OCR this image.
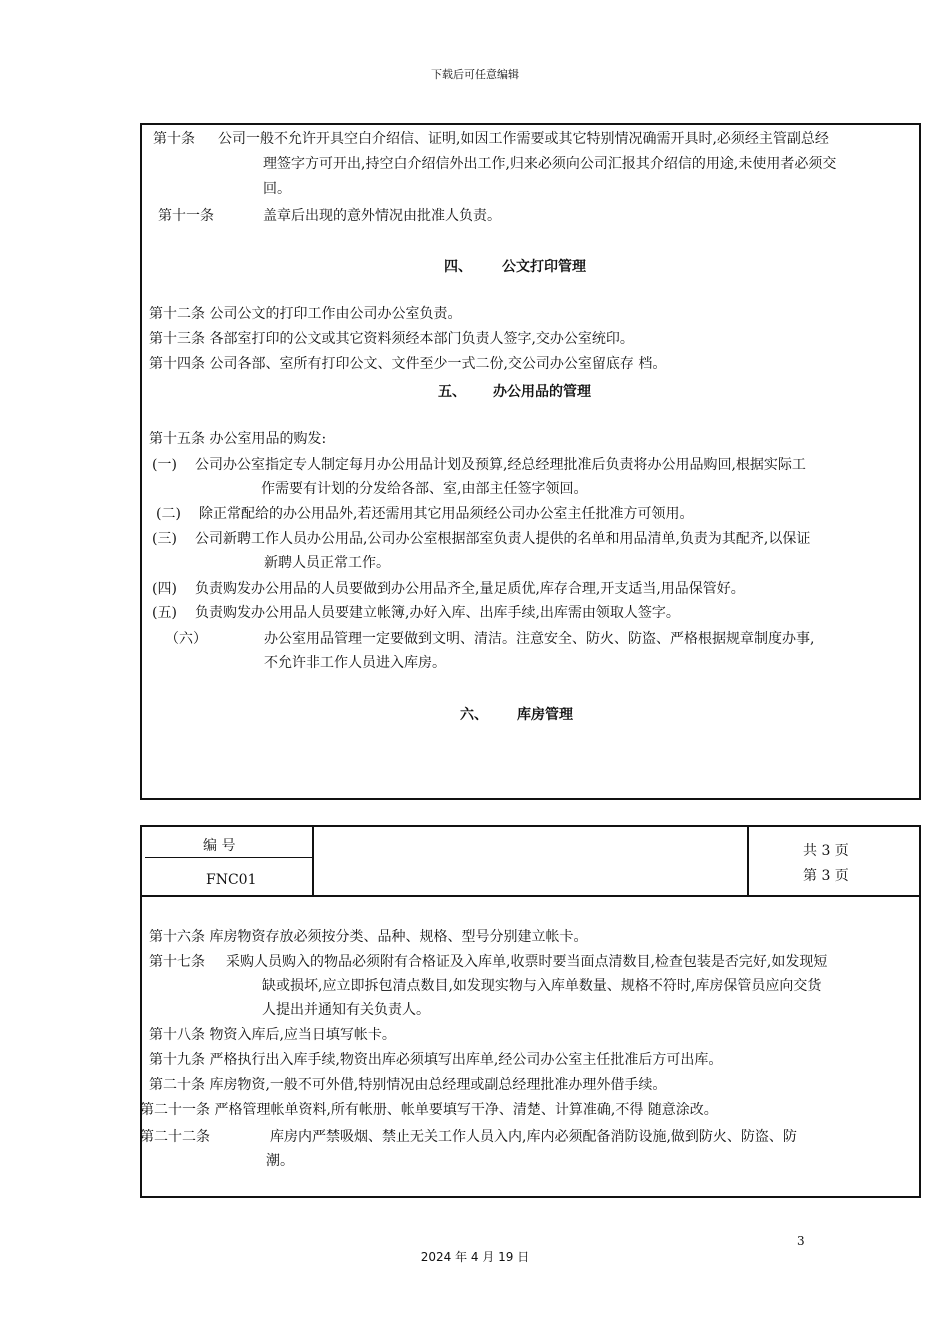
下载后可任意编辑
第十条 公司一般不允许开具空白介绍信、证明,如因工作需要或其它特别情况确需开具时,必须经主管副总经
理签字方可开出,持空白介绍信外出工作,归来必须向公司汇报其介绍信的用途,未使用者必须交
回。
第十一条	盖章后出现的意外情况由批准人负责。
四、 公文打印管理
第十二条 公司公文的打印工作由公司办公室负责。
第十三条 各部室打印的公文或其它资料须经本部门负责人签字,交办公室统印。
第十四条 公司各部、室所有打印公文、文件至少一式二份,交公司办公室留底存 档。
五、 办公用品的管理
第十五条 办公室用品的购发:
(一) 公司办公室指定专人制定每月办公用品计划及预算,经总经理批准后负责将办公用品购回,根据实际工
作需要有计划的分发给各部、室,由部主任签字领回。
(二) 除正常配给的办公用品外,若还需用其它用品须经公司办公室主任批准方可领用。
(三) 公司新聘工作人员办公用品,公司办公室根据部室负责人提供的名单和用品清单,负责为其配齐,以保证
新聘人员正常工作。
(四) 负责购发办公用品的人员要做到办公用品齐全,量足质优,库存合理,开支适当,用品保管好。
(五) 负责购发办公用品人员要建立帐簿,办好入库、出库手续,出库需由领取人签字。
（六）	办公室用品管理一定要做到文明、清洁。注意安全、防火、防盗、严格根据规章制度办事,
不允许非工作人员进入库房。
六、 库房管理
编 号
FNC01
共 3 页
第 3 页
第十六条 库房物资存放必须按分类、品种、规格、型号分别建立帐卡。
第十七条 采购人员购入的物品必须附有合格证及入库单,收票时要当面点清数目,检查包装是否完好,如发现短
缺或损坏,应立即拆包清点数目,如发现实物与入库单数量、规格不符时,库房保管员应向交货
人提出并通知有关负责人。
第十八条 物资入库后,应当日填写帐卡。
第十九条 严格执行出入库手续,物资出库必须填写出库单,经公司办公室主任批准后方可出库。
第二十条 库房物资,一般不可外借,特别情况由总经理或副总经理批准办理外借手续。
第二十一条 严格管理帐单资料,所有帐册、帐单要填写干净、清楚、计算准确,不得 随意涂改。
第二十二条	库房内严禁吸烟、禁止无关工作人员入内,库内必须配备消防设施,做到防火、防盗、防
潮。
3
2024 年 4 月 19 日
